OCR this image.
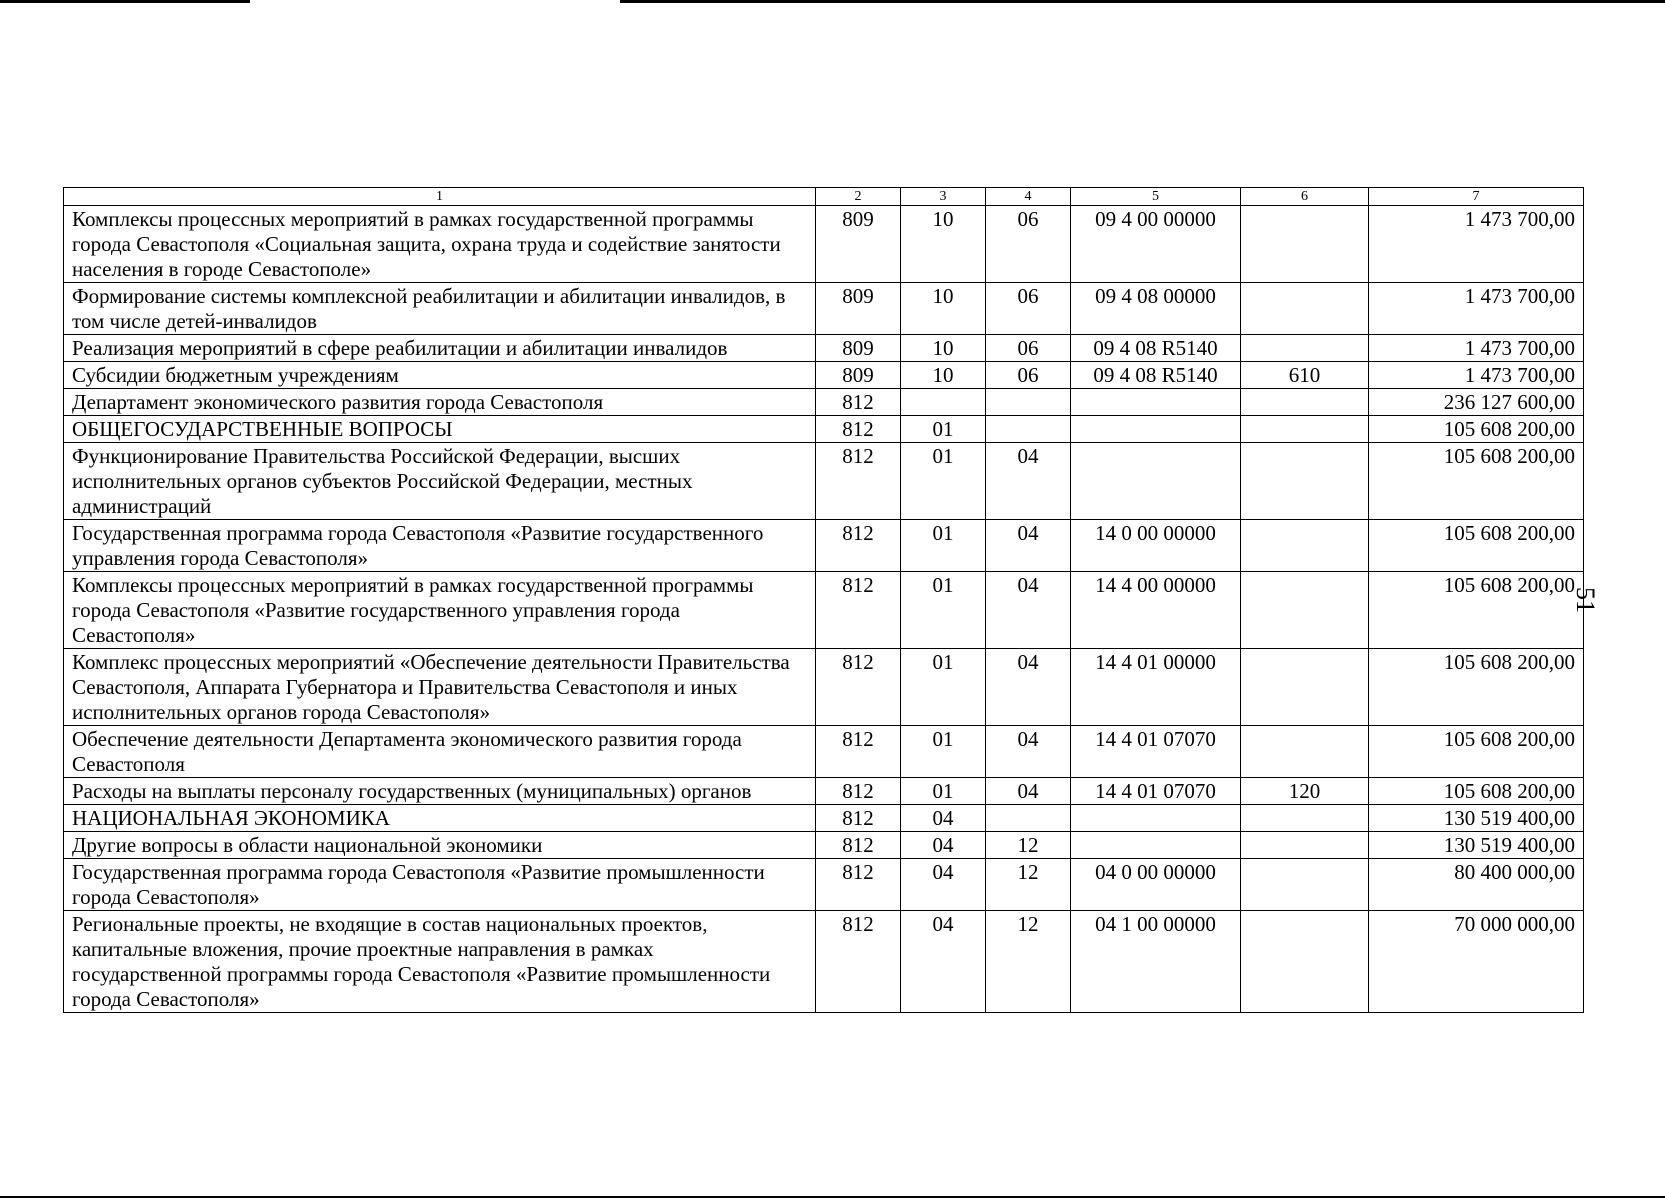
51
1	2	3	4	5	6	7
Комплексы процессных мероприятий в рамках государственной программы города Севастополя «Социальная защита, охрана труда и содействие занятости населения в городе Севастополе»	809	10	06	09 4 00 00000		1 473 700,00
Формирование системы комплексной реабилитации и абилитации инвалидов, в том числе детей-инвалидов	809	10	06	09 4 08 00000		1 473 700,00
Реализация мероприятий в сфере реабилитации и абилитации инвалидов	809	10	06	09 4 08 R5140		1 473 700,00
Субсидии бюджетным учреждениям	809	10	06	09 4 08 R5140	610	1 473 700,00
Департамент экономического развития города Севастополя	812					236 127 600,00
ОБЩЕГОСУДАРСТВЕННЫЕ ВОПРОСЫ	812	01				105 608 200,00
Функционирование Правительства Российской Федерации, высших исполнительных органов субъектов Российской Федерации, местных администраций	812	01	04			105 608 200,00
Государственная программа города Севастополя «Развитие государственного управления города Севастополя»	812	01	04	14 0 00 00000		105 608 200,00
Комплексы процессных мероприятий в рамках государственной программы города Севастополя «Развитие государственного управления города Севастополя»	812	01	04	14 4 00 00000		105 608 200,00
Комплекс процессных мероприятий «Обеспечение деятельности Правительства Севастополя, Аппарата Губернатора и Правительства Севастополя и иных исполнительных органов города Севастополя»	812	01	04	14 4 01 00000		105 608 200,00
Обеспечение деятельности Департамента экономического развития города Севастополя	812	01	04	14 4 01 07070		105 608 200,00
Расходы на выплаты персоналу государственных (муниципальных) органов	812	01	04	14 4 01 07070	120	105 608 200,00
НАЦИОНАЛЬНАЯ ЭКОНОМИКА	812	04				130 519 400,00
Другие вопросы в области национальной экономики	812	04	12			130 519 400,00
Государственная программа города Севастополя «Развитие промышленности города Севастополя»	812	04	12	04 0 00 00000		80 400 000,00
Региональные проекты, не входящие в состав национальных проектов, капитальные вложения, прочие проектные направления в рамках государственной программы города Севастополя «Развитие промышленности города Севастополя»	812	04	12	04 1 00 00000		70 000 000,00
